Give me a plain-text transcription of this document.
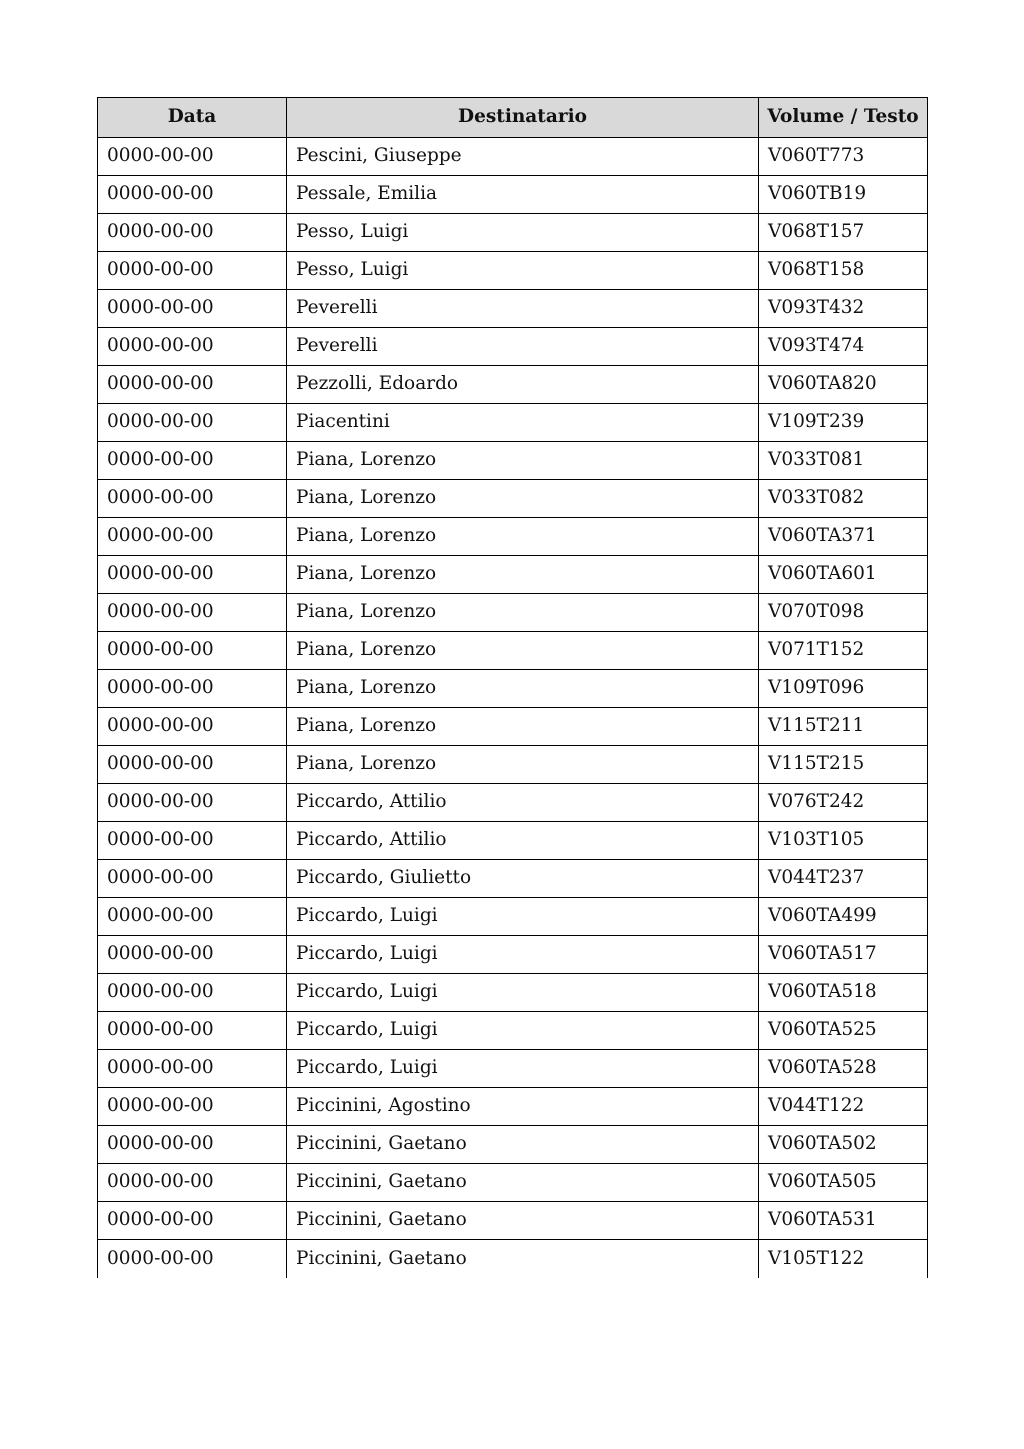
Data	Destinatario	Volume / Testo
0000-00-00	Pescini, Giuseppe	V060T773
0000-00-00	Pessale, Emilia	V060TB19
0000-00-00	Pesso, Luigi	V068T157
0000-00-00	Pesso, Luigi	V068T158
0000-00-00	Peverelli	V093T432
0000-00-00	Peverelli	V093T474
0000-00-00	Pezzolli, Edoardo	V060TA820
0000-00-00	Piacentini	V109T239
0000-00-00	Piana, Lorenzo	V033T081
0000-00-00	Piana, Lorenzo	V033T082
0000-00-00	Piana, Lorenzo	V060TA371
0000-00-00	Piana, Lorenzo	V060TA601
0000-00-00	Piana, Lorenzo	V070T098
0000-00-00	Piana, Lorenzo	V071T152
0000-00-00	Piana, Lorenzo	V109T096
0000-00-00	Piana, Lorenzo	V115T211
0000-00-00	Piana, Lorenzo	V115T215
0000-00-00	Piccardo, Attilio	V076T242
0000-00-00	Piccardo, Attilio	V103T105
0000-00-00	Piccardo, Giulietto	V044T237
0000-00-00	Piccardo, Luigi	V060TA499
0000-00-00	Piccardo, Luigi	V060TA517
0000-00-00	Piccardo, Luigi	V060TA518
0000-00-00	Piccardo, Luigi	V060TA525
0000-00-00	Piccardo, Luigi	V060TA528
0000-00-00	Piccinini, Agostino	V044T122
0000-00-00	Piccinini, Gaetano	V060TA502
0000-00-00	Piccinini, Gaetano	V060TA505
0000-00-00	Piccinini, Gaetano	V060TA531
0000-00-00	Piccinini, Gaetano	V105T122
